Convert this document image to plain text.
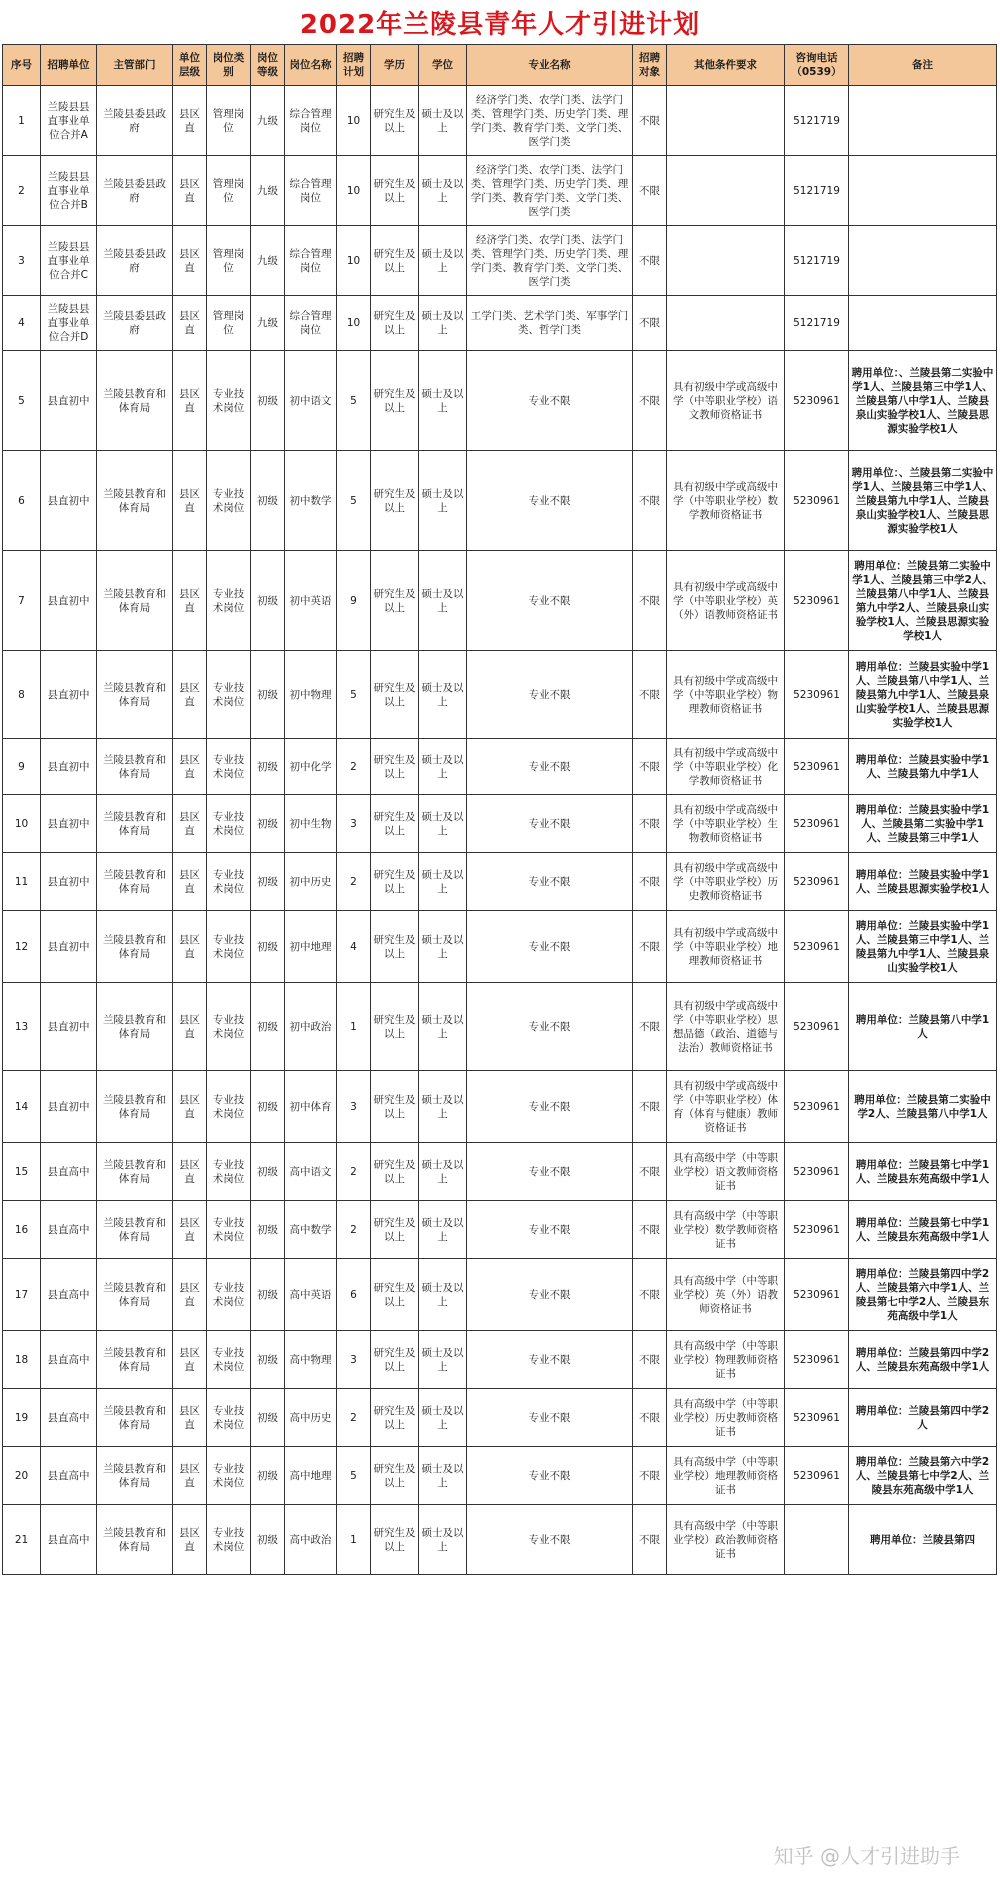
2022年兰陵县青年人才引进计划
序号	招聘单位	主管部门	单位层级	岗位类别	岗位等级	岗位名称	招聘计划	学历	学位	专业名称	招聘对象	其他条件要求	咨询电话（0539）	备注
1	兰陵县县直事业单位合并A	兰陵县委县政府	县区直	管理岗位	九级	综合管理岗位	10	研究生及以上	硕士及以上	经济学门类、农学门类、法学门类、管理学门类、历史学门类、理学门类、教育学门类、文学门类、医学门类	不限		5121719	
2	兰陵县县直事业单位合并B	兰陵县委县政府	县区直	管理岗位	九级	综合管理岗位	10	研究生及以上	硕士及以上	经济学门类、农学门类、法学门类、管理学门类、历史学门类、理学门类、教育学门类、文学门类、医学门类	不限		5121719	
3	兰陵县县直事业单位合并C	兰陵县委县政府	县区直	管理岗位	九级	综合管理岗位	10	研究生及以上	硕士及以上	经济学门类、农学门类、法学门类、管理学门类、历史学门类、理学门类、教育学门类、文学门类、医学门类	不限		5121719	
4	兰陵县县直事业单位合并D	兰陵县委县政府	县区直	管理岗位	九级	综合管理岗位	10	研究生及以上	硕士及以上	工学门类、艺术学门类、军事学门类、哲学门类	不限		5121719	
5	县直初中	兰陵县教育和体育局	县区直	专业技术岗位	初级	初中语文	5	研究生及以上	硕士及以上	专业不限	不限	具有初级中学或高级中学（中等职业学校）语文教师资格证书	5230961	聘用单位：、兰陵县第二实验中学1人、兰陵县第三中学1人、兰陵县第八中学1人、兰陵县泉山实验学校1人、兰陵县思源实验学校1人
6	县直初中	兰陵县教育和体育局	县区直	专业技术岗位	初级	初中数学	5	研究生及以上	硕士及以上	专业不限	不限	具有初级中学或高级中学（中等职业学校）数学教师资格证书	5230961	聘用单位：、兰陵县第二实验中学1人、兰陵县第三中学1人、兰陵县第九中学1人、兰陵县泉山实验学校1人、兰陵县思源实验学校1人
7	县直初中	兰陵县教育和体育局	县区直	专业技术岗位	初级	初中英语	9	研究生及以上	硕士及以上	专业不限	不限	具有初级中学或高级中学（中等职业学校）英（外）语教师资格证书	5230961	聘用单位：兰陵县第二实验中学1人、兰陵县第三中学2人、兰陵县第八中学1人、兰陵县第九中学2人、兰陵县泉山实验学校1人、兰陵县思源实验学校1人
8	县直初中	兰陵县教育和体育局	县区直	专业技术岗位	初级	初中物理	5	研究生及以上	硕士及以上	专业不限	不限	具有初级中学或高级中学（中等职业学校）物理教师资格证书	5230961	聘用单位：兰陵县实验中学1人、兰陵县第八中学1人、兰陵县第九中学1人、兰陵县泉山实验学校1人、兰陵县思源实验学校1人
9	县直初中	兰陵县教育和体育局	县区直	专业技术岗位	初级	初中化学	2	研究生及以上	硕士及以上	专业不限	不限	具有初级中学或高级中学（中等职业学校）化学教师资格证书	5230961	聘用单位：兰陵县实验中学1人、兰陵县第九中学1人
10	县直初中	兰陵县教育和体育局	县区直	专业技术岗位	初级	初中生物	3	研究生及以上	硕士及以上	专业不限	不限	具有初级中学或高级中学（中等职业学校）生物教师资格证书	5230961	聘用单位：兰陵县实验中学1人、兰陵县第二实验中学1人、兰陵县第三中学1人
11	县直初中	兰陵县教育和体育局	县区直	专业技术岗位	初级	初中历史	2	研究生及以上	硕士及以上	专业不限	不限	具有初级中学或高级中学（中等职业学校）历史教师资格证书	5230961	聘用单位：兰陵县实验中学1人、兰陵县思源实验学校1人
12	县直初中	兰陵县教育和体育局	县区直	专业技术岗位	初级	初中地理	4	研究生及以上	硕士及以上	专业不限	不限	具有初级中学或高级中学（中等职业学校）地理教师资格证书	5230961	聘用单位：兰陵县实验中学1人、兰陵县第三中学1人、兰陵县第九中学1人、兰陵县泉山实验学校1人
13	县直初中	兰陵县教育和体育局	县区直	专业技术岗位	初级	初中政治	1	研究生及以上	硕士及以上	专业不限	不限	具有初级中学或高级中学（中等职业学校）思想品德（政治、道德与法治）教师资格证书	5230961	聘用单位：兰陵县第八中学1人
14	县直初中	兰陵县教育和体育局	县区直	专业技术岗位	初级	初中体育	3	研究生及以上	硕士及以上	专业不限	不限	具有初级中学或高级中学（中等职业学校）体育（体育与健康）教师资格证书	5230961	聘用单位：兰陵县第二实验中学2人、兰陵县第八中学1人
15	县直高中	兰陵县教育和体育局	县区直	专业技术岗位	初级	高中语文	2	研究生及以上	硕士及以上	专业不限	不限	具有高级中学（中等职业学校）语文教师资格证书	5230961	聘用单位：兰陵县第七中学1人、兰陵县东苑高级中学1人
16	县直高中	兰陵县教育和体育局	县区直	专业技术岗位	初级	高中数学	2	研究生及以上	硕士及以上	专业不限	不限	具有高级中学（中等职业学校）数学教师资格证书	5230961	聘用单位：兰陵县第七中学1人、兰陵县东苑高级中学1人
17	县直高中	兰陵县教育和体育局	县区直	专业技术岗位	初级	高中英语	6	研究生及以上	硕士及以上	专业不限	不限	具有高级中学（中等职业学校）英（外）语教师资格证书	5230961	聘用单位：兰陵县第四中学2人、兰陵县第六中学1人、兰陵县第七中学2人、兰陵县东苑高级中学1人
18	县直高中	兰陵县教育和体育局	县区直	专业技术岗位	初级	高中物理	3	研究生及以上	硕士及以上	专业不限	不限	具有高级中学（中等职业学校）物理教师资格证书	5230961	聘用单位：兰陵县第四中学2人、兰陵县东苑高级中学1人
19	县直高中	兰陵县教育和体育局	县区直	专业技术岗位	初级	高中历史	2	研究生及以上	硕士及以上	专业不限	不限	具有高级中学（中等职业学校）历史教师资格证书	5230961	聘用单位：兰陵县第四中学2人
20	县直高中	兰陵县教育和体育局	县区直	专业技术岗位	初级	高中地理	5	研究生及以上	硕士及以上	专业不限	不限	具有高级中学（中等职业学校）地理教师资格证书	5230961	聘用单位：兰陵县第六中学2人、兰陵县第七中学2人、兰陵县东苑高级中学1人
21	县直高中	兰陵县教育和体育局	县区直	专业技术岗位	初级	高中政治	1	研究生及以上	硕士及以上	专业不限	不限	具有高级中学（中等职业学校）政治教师资格证书		聘用单位：兰陵县第四
知乎 @人才引进助手
